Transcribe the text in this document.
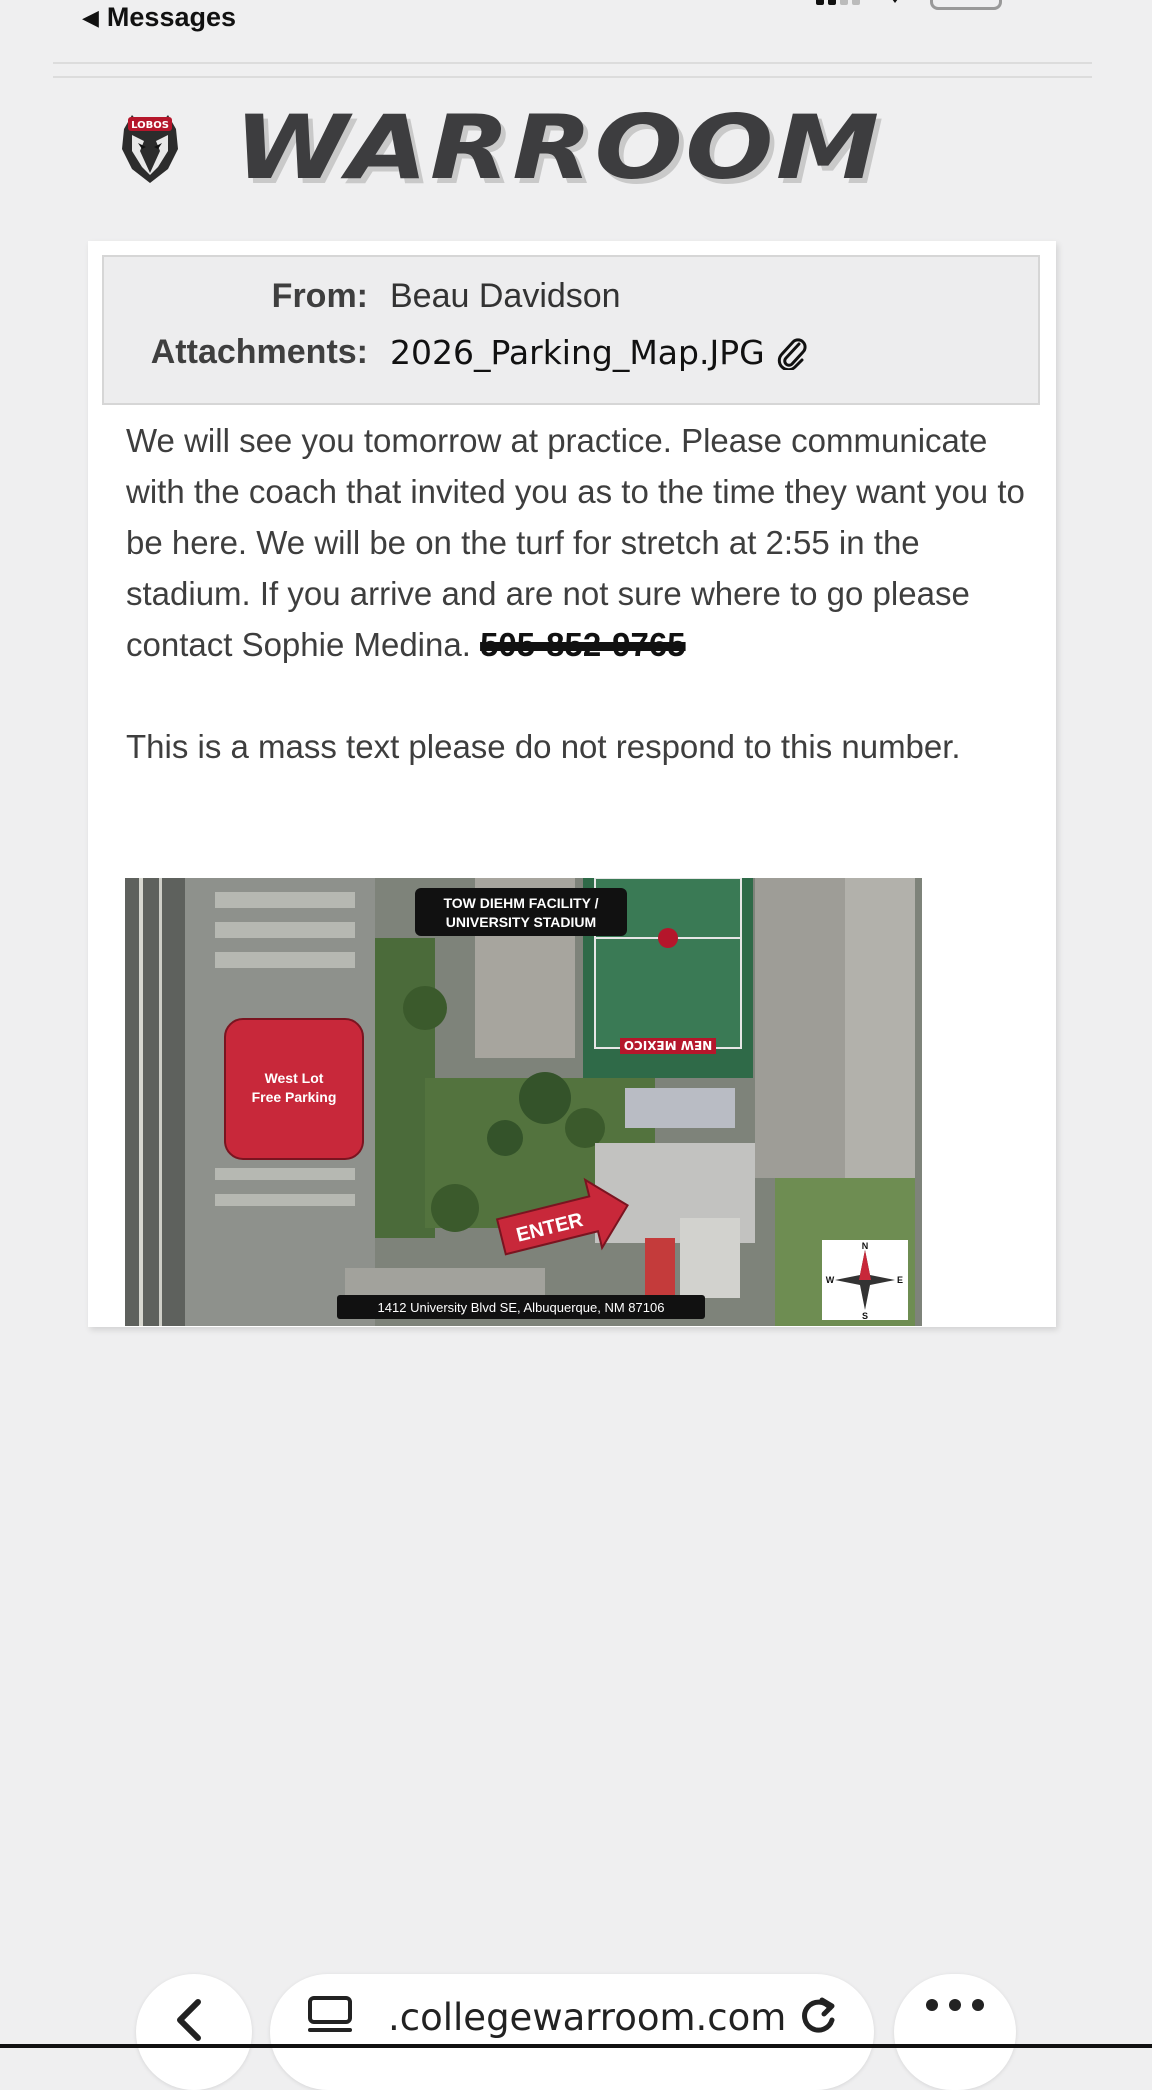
◀ Messages
LOBOS WARROOM
From: Beau Davidson
Attachments: 2026_Parking_Map.JPG

We will see you tomorrow at practice. Please communicate with the coach that invited you as to the time they want you to be here. We will be on the turf for stretch at 2:55 in the stadium. If you arrive and are not sure where to go please contact Sophie Medina. 505-852-9765

This is a mass text please do not respond to this number.

NEW MEXICO
TOW DIEHM FACILITY /
UNIVERSITY STADIUM
West Lot
Free Parking
ENTER
1412 University Blvd SE, Albuquerque, NM 87106
N
S
E
W
.collegewarroom.com
